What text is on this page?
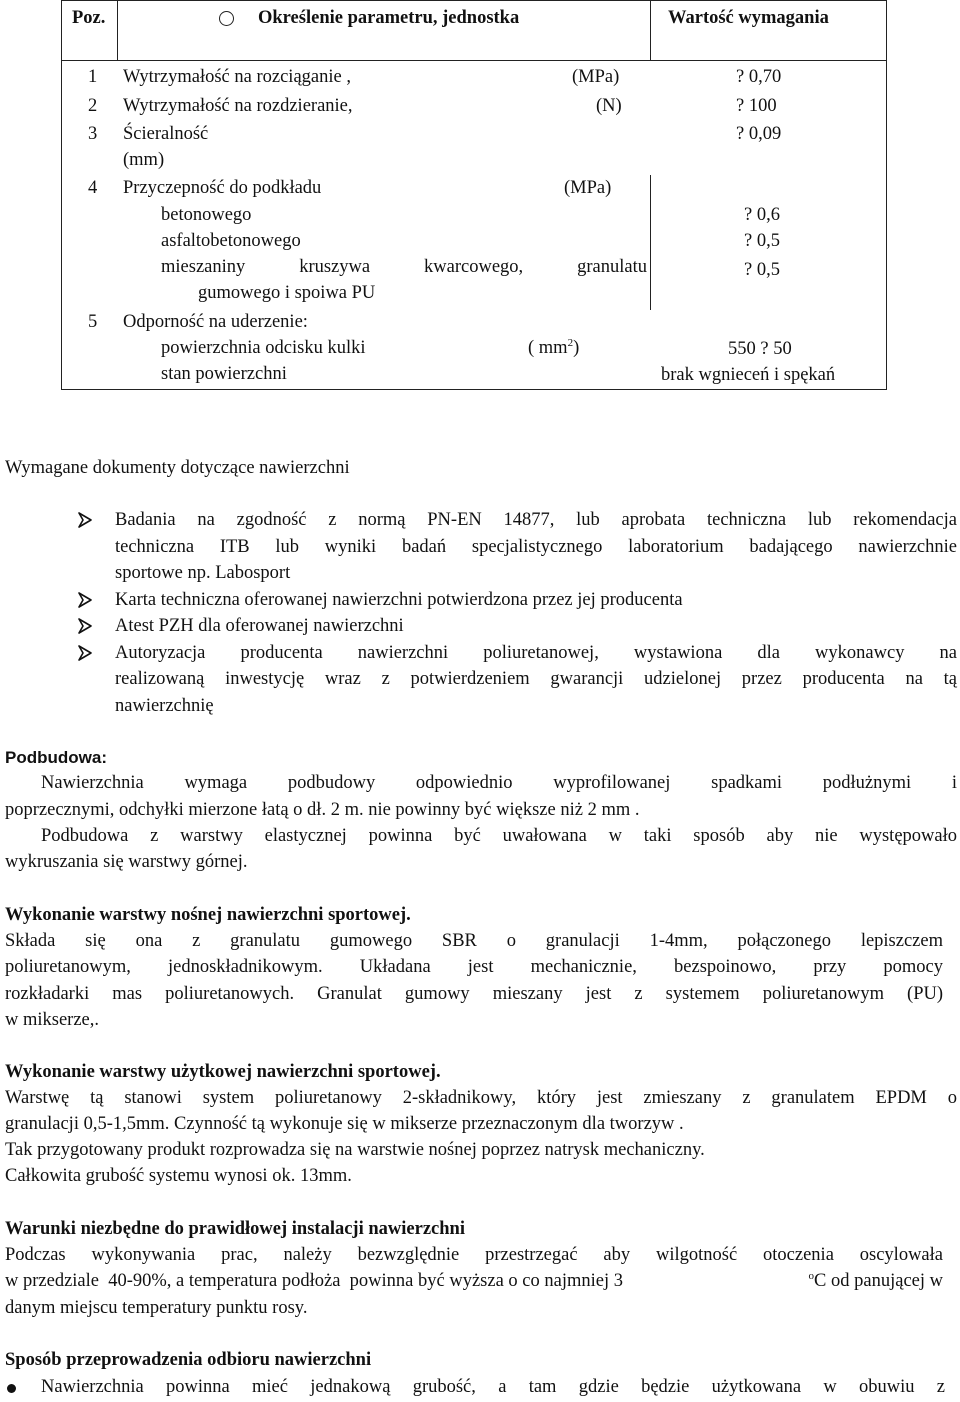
Poz.	Określenie parametru, jednostka	Wartość wymagania
1 Wytrzymałość na rozciąganie ,	(MPa)	? 0,70
2 Wytrzymałość na rozdzieranie,	(N)	? 100
3 Ścieralność	? 0,09
(mm)
4 Przyczepność do podkładu	(MPa)
betonowego	? 0,6
asfaltobetonowego	? 0,5
mieszaniny kruszywa kwarcowego, granulatu	? 0,5
gumowego i spoiwa PU
5 Odporność na uderzenie:
powierzchnia odcisku kulki	( $mm^2$)	550 ? 50
stan powierzchni	brak wgnieceń i spękań
Wymagane dokumenty dotyczące nawierzchni
Badania na zgodność z normą PN-EN 14877, lub aprobata techniczna lub rekomendacja
techniczna ITB lub wyniki badań specjalistycznego laboratorium badającego nawierzchnie
sportowe np. Labosport
Karta techniczna oferowanej nawierzchni potwierdzona przez jej producenta
Atest PZH dla oferowanej nawierzchni
Autoryzacja producenta nawierzchni poliuretanowej, wystawiona dla wykonawcy na
realizowaną inwestycję wraz z potwierdzeniem gwarancji udzielonej przez producenta na tą
nawierzchnię
Podbudowa:
Nawierzchnia wymaga podbudowy odpowiednio wyprofilowanej spadkami podłużnymi i
poprzecznymi, odchyłki mierzone łatą o dł. 2 m. nie powinny być większe niż 2 mm .
Podbudowa z warstwy elastycznej powinna być uwałowana w taki sposób aby nie występowało
wykruszania się warstwy górnej.
Wykonanie warstwy nośnej nawierzchni sportowej.
Składa się ona z granulatu gumowego SBR o granulacji 1-4mm, połączonego lepiszczem
poliuretanowym, jednoskładnikowym. Układana jest mechanicznie, bezspoinowo, przy pomocy
rozkładarki mas poliuretanowych. Granulat gumowy mieszany jest z systemem poliuretanowym (PU)
w mikserze,.
Wykonanie warstwy użytkowej nawierzchni sportowej.
Warstwę tą stanowi system poliuretanowy 2-składnikowy, który jest zmieszany z granulatem EPDM o
granulacji 0,5-1,5mm. Czynność tą wykonuje się w mikserze przeznaczonym dla tworzyw .
Tak przygotowany produkt rozprowadza się na warstwie nośnej poprzez natrysk mechaniczny.
Całkowita grubość systemu wynosi ok. 13mm.
Warunki niezbędne do prawidłowej instalacji nawierzchni
Podczas wykonywania prac, należy bezwzględnie przestrzegać aby wilgotność otoczenia oscylowała
w przedziale  40-90%, a temperatura podłoża  powinna być wyższa o co najmniej 3	$^o$C od panującej w
danym miejscu temperatury punktu rosy.
Sposób przeprowadzenia odbioru nawierzchni
Nawierzchnia powinna mieć jednakową grubość, a tam gdzie będzie użytkowana w obuwiu z
